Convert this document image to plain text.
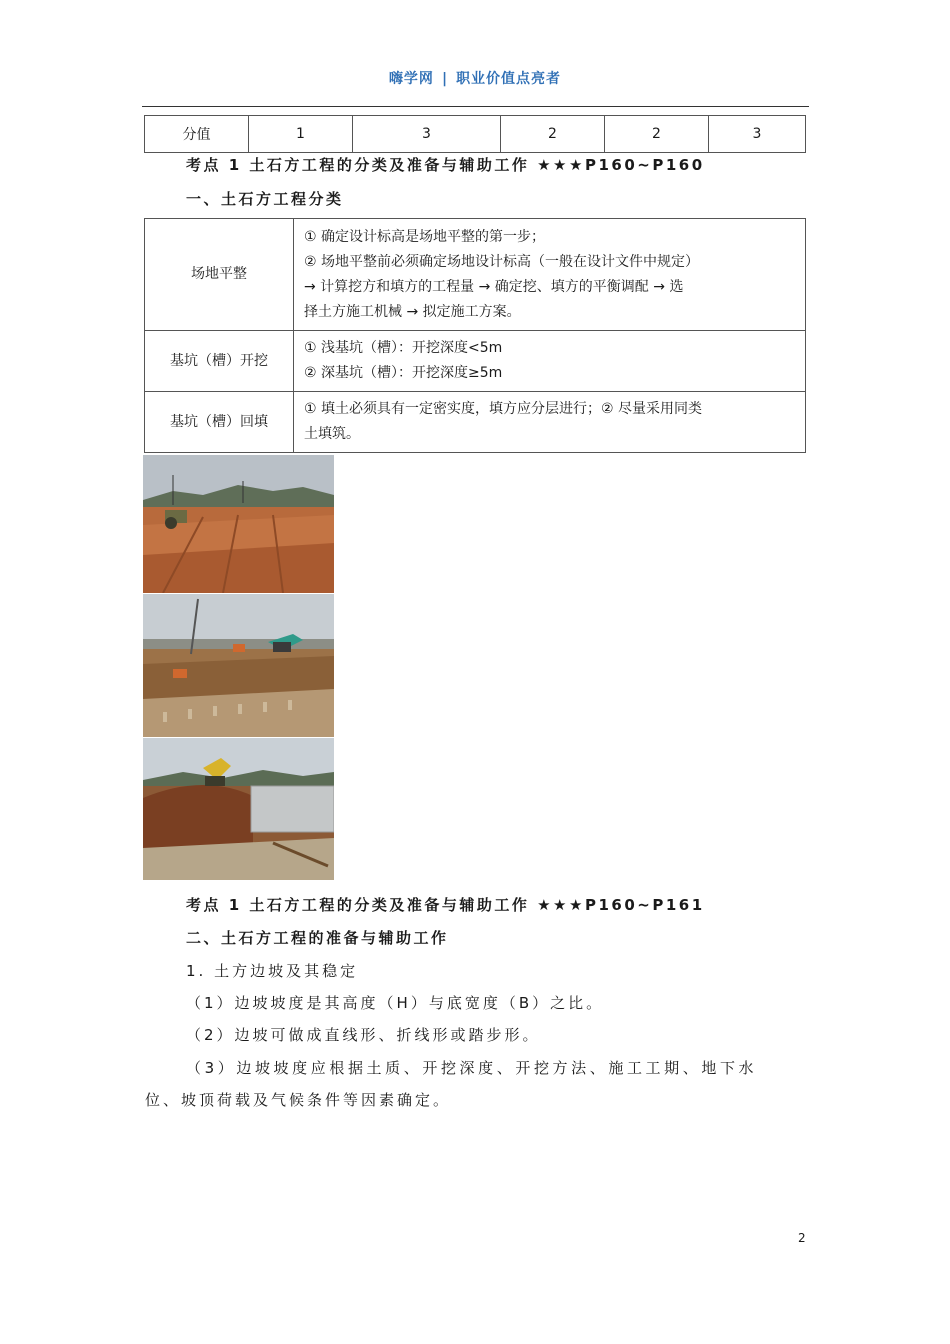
嗨学网 | 职业价值点亮者
分值	1	3	2	2	3
考点 1 土石方工程的分类及准备与辅助工作 ★★★P160~P160
一、土石方工程分类
场地平整	① 确定设计标高是场地平整的第一步；
② 场地平整前必须确定场地设计标高（一般在设计文件中规定）
→ 计算挖方和填方的工程量 → 确定挖、填方的平衡调配 → 选
择土方施工机械 → 拟定施工方案。

基坑（槽）开挖	① 浅基坑（槽）：开挖深度<5m
② 深基坑（槽）：开挖深度≥5m

基坑（槽）回填	① 填土必须具有一定密实度，填方应分层进行；② 尽量采用同类
土填筑。
考点 1 土石方工程的分类及准备与辅助工作 ★★★P160~P161
二、土石方工程的准备与辅助工作
1. 土方边坡及其稳定
（1）边坡坡度是其高度（H）与底宽度（B）之比。
（2）边坡可做成直线形、折线形或踏步形。
（3）边坡坡度应根据土质、开挖深度、开挖方法、施工工期、地下水
位、坡顶荷载及气候条件等因素确定。
2
